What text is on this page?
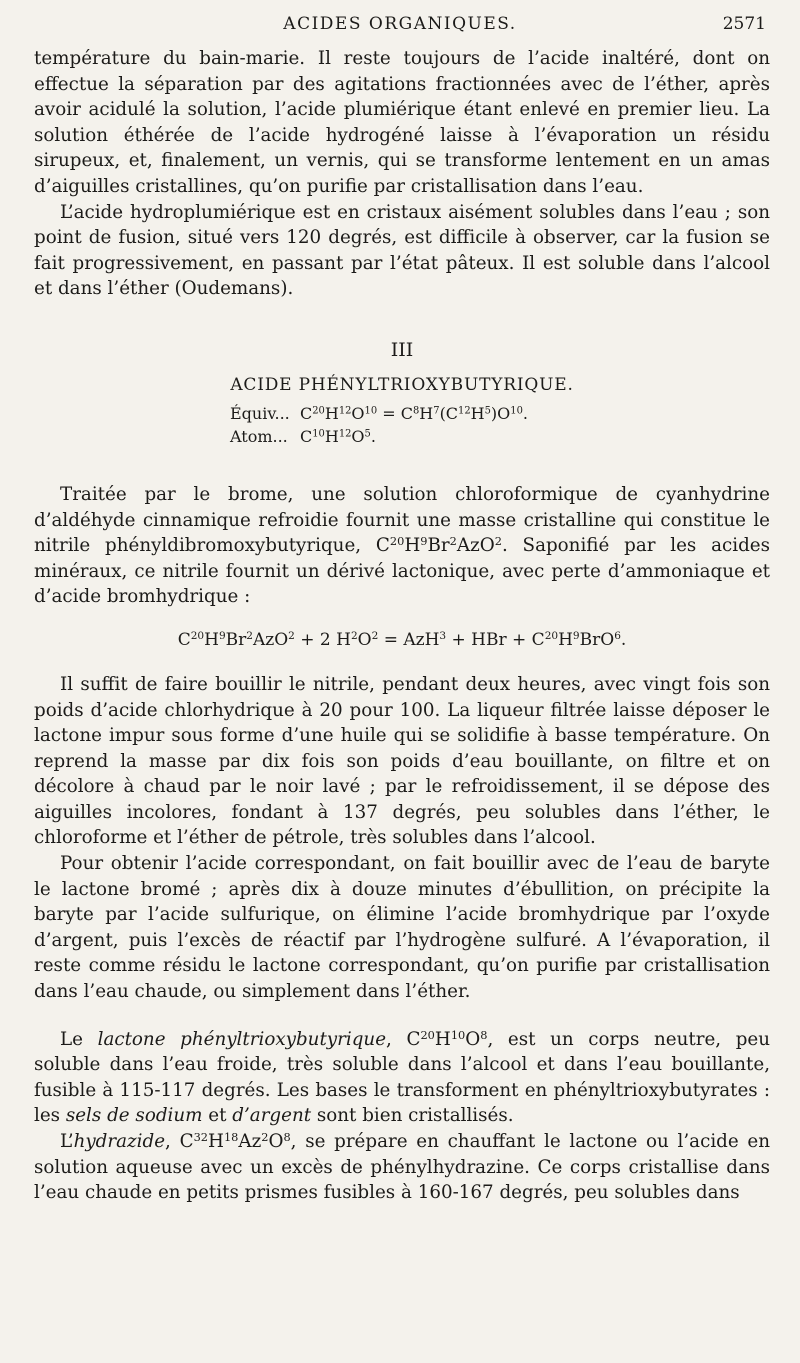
ACIDES ORGANIQUES.	2571

température du bain-marie. Il reste toujours de l’acide inaltéré, dont on effectue la séparation par des agitations fractionnées avec de l’éther, après avoir acidulé la solution, l’acide plumiérique étant enlevé en premier lieu. La solution éthérée de l’acide hydrogéné laisse à l’évaporation un résidu sirupeux, et, finalement, un vernis, qui se transforme lentement en un amas d’aiguilles cristallines, qu’on purifie par cristallisation dans l’eau.

L’acide hydroplumiérique est en cristaux aisément solubles dans l’eau ; son point de fusion, situé vers 120 degrés, est difficile à observer, car la fusion se fait progressivement, en passant par l’état pâteux. Il est soluble dans l’alcool et dans l’éther (Oudemans).

III
ACIDE PHÉNYLTRIOXYBUTYRIQUE.
Équiv... $C^{20}H^{12}O^{10} = C^8H^7(C^{12}H^5)O^{10}$.
Atom... $C^{10}H^{12}O^5$.

Traitée par le brome, une solution chloroformique de cyanhydrine d’aldéhyde cinnamique refroidie fournit une masse cristalline qui constitue le nitrile phényldibromoxybutyrique, $C^{20}H^9Br^2AzO^2$. Saponifié par les acides minéraux, ce nitrile fournit un dérivé lactonique, avec perte d’ammoniaque et d’acide bromhydrique :

$C^{20}H^9Br^2AzO^2 + 2$ $H^2O^2 = AzH^3$ + HBr + $C^{20}H^9BrO^6$.

Il suffit de faire bouillir le nitrile, pendant deux heures, avec vingt fois son poids d’acide chlorhydrique à 20 pour 100. La liqueur filtrée laisse déposer le lactone impur sous forme d’une huile qui se solidifie à basse température. On reprend la masse par dix fois son poids d’eau bouillante, on filtre et on décolore à chaud par le noir lavé ; par le refroidissement, il se dépose des aiguilles incolores, fondant à 137 degrés, peu solubles dans l’éther, le chloroforme et l’éther de pétrole, très solubles dans l’alcool.

Pour obtenir l’acide correspondant, on fait bouillir avec de l’eau de baryte le lactone bromé ; après dix à douze minutes d’ébullition, on précipite la baryte par l’acide sulfurique, on élimine l’acide bromhydrique par l’oxyde d’argent, puis l’excès de réactif par l’hydrogène sulfuré. A l’évaporation, il reste comme résidu le lactone correspondant, qu’on purifie par cristallisation dans l’eau chaude, ou simplement dans l’éther.

Le lactone phényltrioxybutyrique, $C^{20}H^{10}O^8$, est un corps neutre, peu soluble dans l’eau froide, très soluble dans l’alcool et dans l’eau bouillante, fusible à 115-117 degrés. Les bases le transforment en phényltrioxybutyrates : les sels de sodium et d’argent sont bien cristallisés.

L’hydrazide, $C^{32}H^{18}Az^2O^8$, se prépare en chauffant le lactone ou l’acide en solution aqueuse avec un excès de phénylhydrazine. Ce corps cristallise dans l’eau chaude en petits prismes fusibles à 160-167 degrés, peu solubles dans
